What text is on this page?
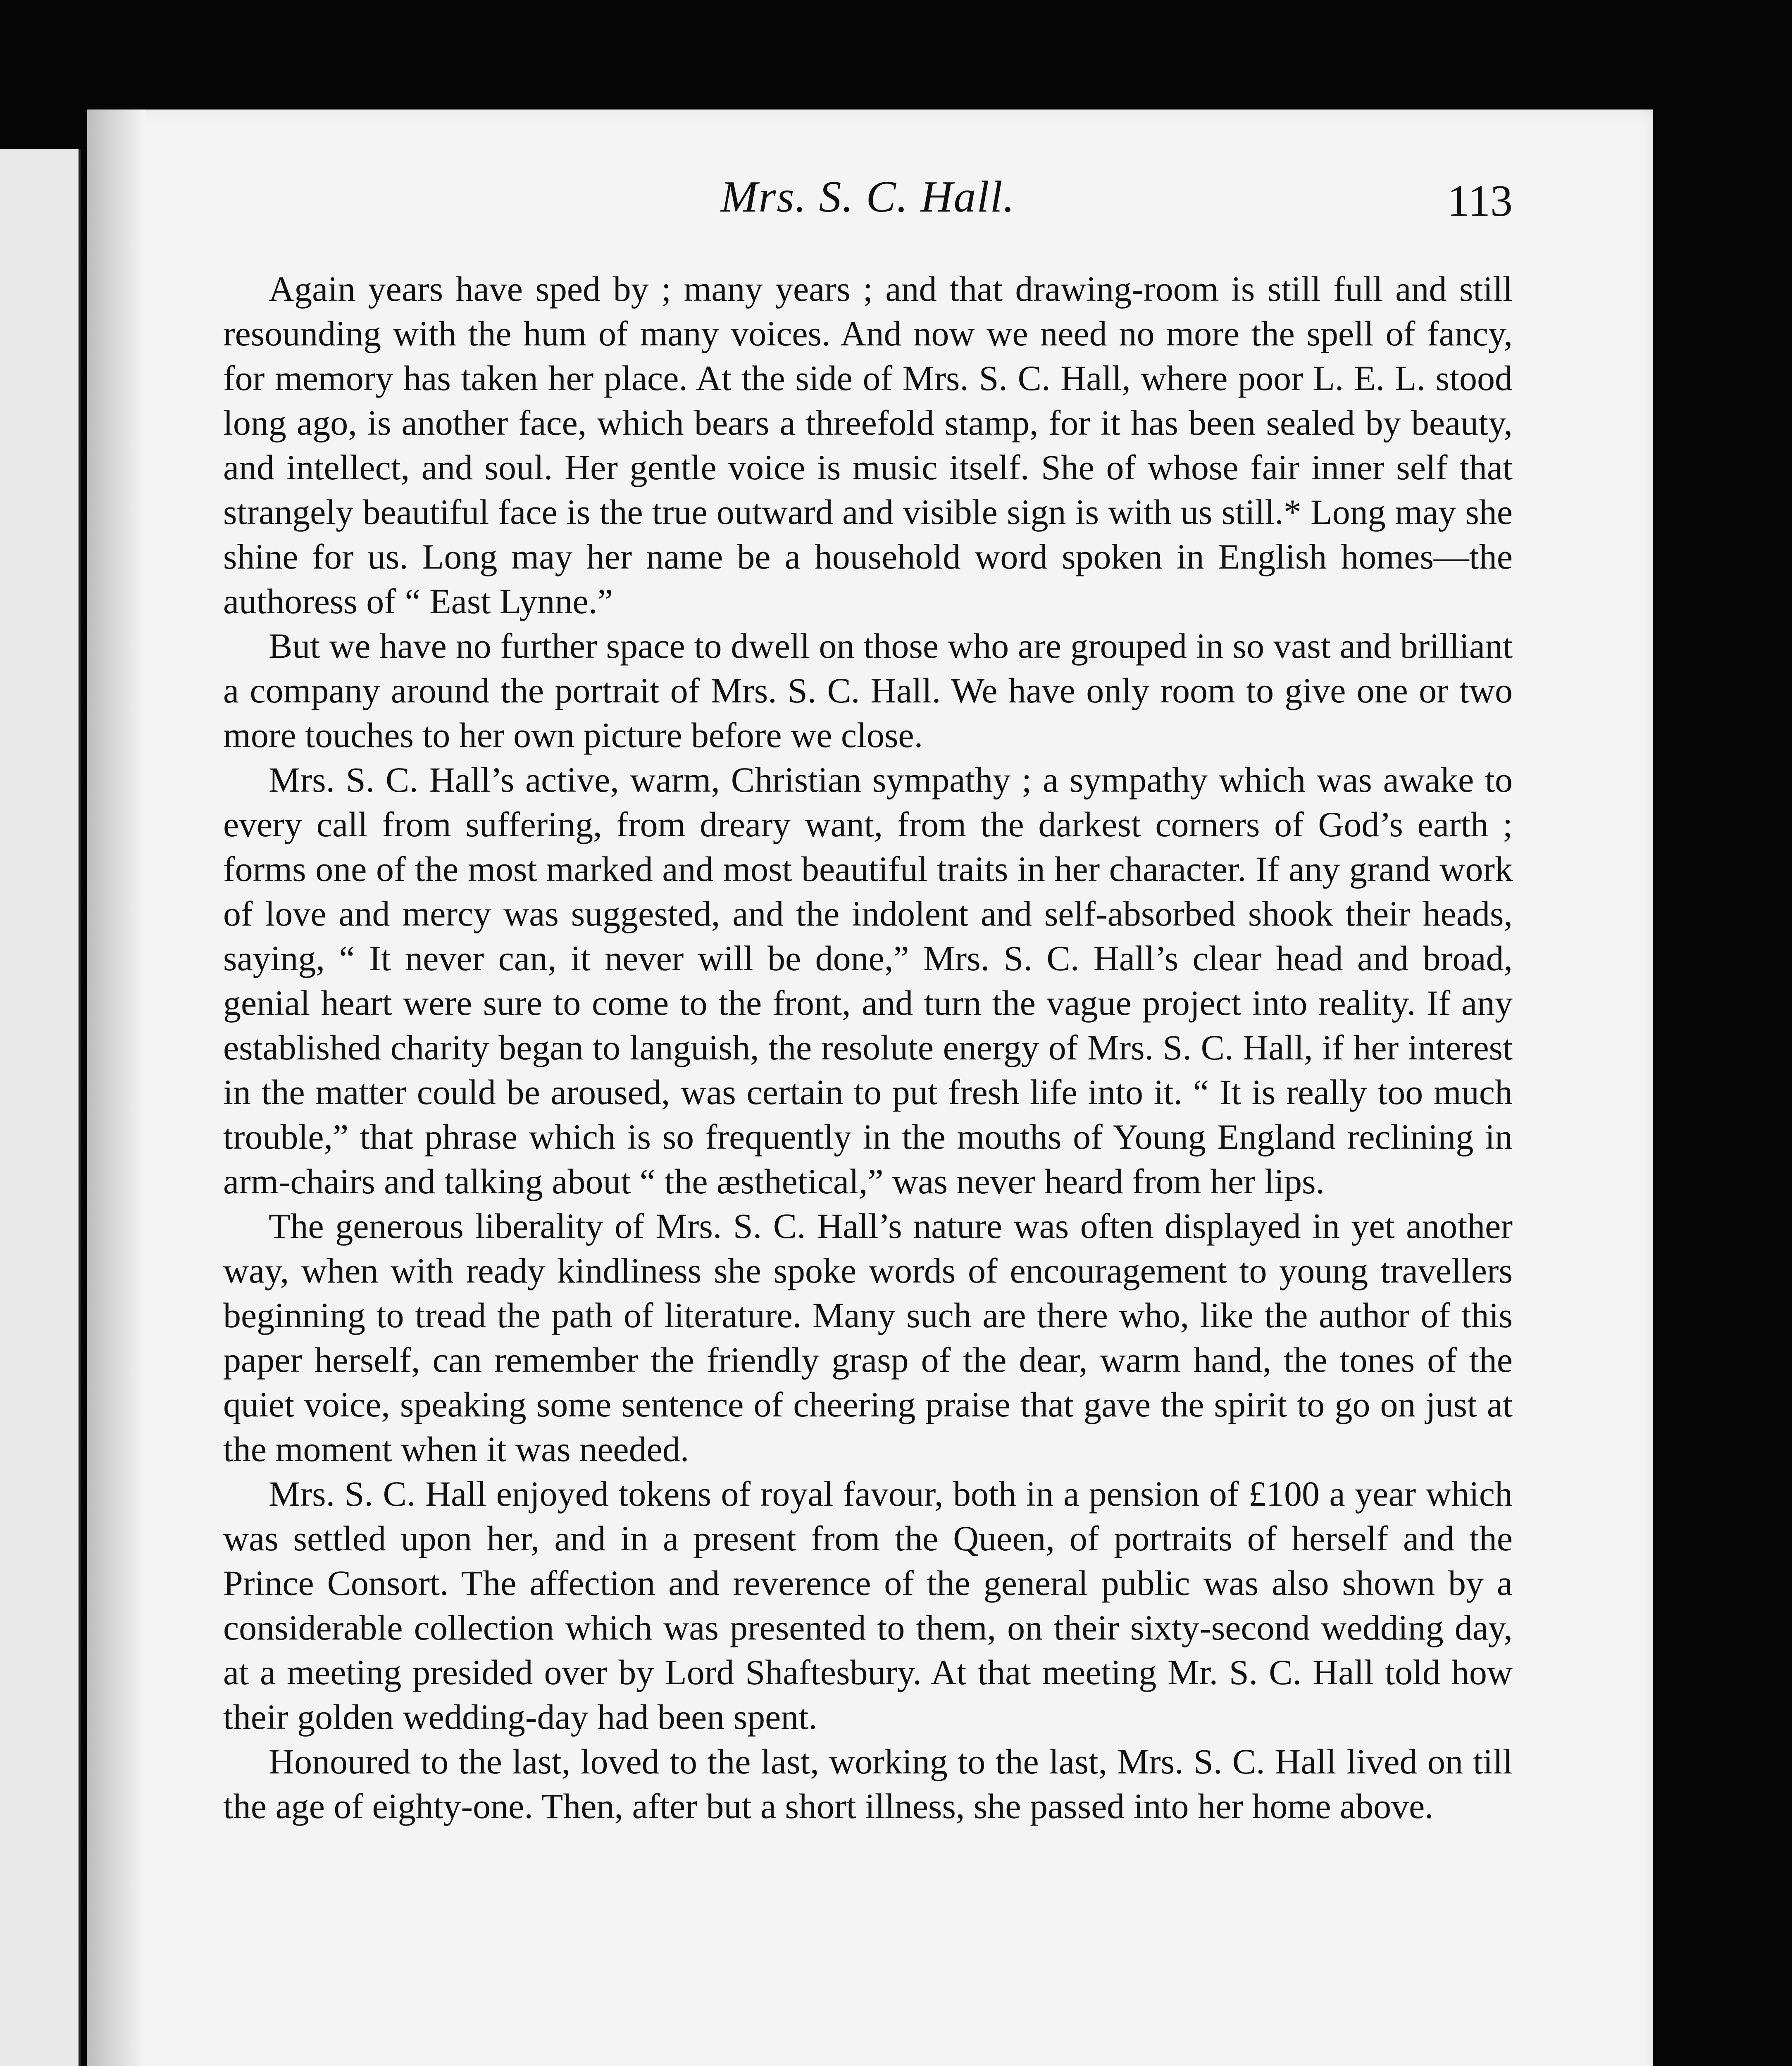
Mrs. S. C. Hall.	113

Again years have sped by ; many years ; and that drawing-room is still full and still resounding with the hum of many voices. And now we need no more the spell of fancy, for memory has taken her place. At the side of Mrs. S. C. Hall, where poor L. E. L. stood long ago, is another face, which bears a threefold stamp, for it has been sealed by beauty, and intellect, and soul. Her gentle voice is music itself. She of whose fair inner self that strangely beautiful face is the true outward and visible sign is with us still.* Long may she shine for us. Long may her name be a household word spoken in English homes—the authoress of “ East Lynne.”

But we have no further space to dwell on those who are grouped in so vast and brilliant a company around the portrait of Mrs. S. C. Hall. We have only room to give one or two more touches to her own picture before we close.

Mrs. S. C. Hall’s active, warm, Christian sympathy ; a sympathy which was awake to every call from suffering, from dreary want, from the darkest corners of God’s earth ; forms one of the most marked and most beautiful traits in her character. If any grand work of love and mercy was suggested, and the indolent and self-absorbed shook their heads, saying, “ It never can, it never will be done,” Mrs. S. C. Hall’s clear head and broad, genial heart were sure to come to the front, and turn the vague project into reality. If any established charity began to languish, the resolute energy of Mrs. S. C. Hall, if her interest in the matter could be aroused, was certain to put fresh life into it. “ It is really too much trouble,” that phrase which is so frequently in the mouths of Young England reclining in arm-chairs and talking about “ the æsthetical,” was never heard from her lips.

The generous liberality of Mrs. S. C. Hall’s nature was often displayed in yet another way, when with ready kindliness she spoke words of encouragement to young travellers beginning to tread the path of literature. Many such are there who, like the author of this paper herself, can remember the friendly grasp of the dear, warm hand, the tones of the quiet voice, speaking some sentence of cheering praise that gave the spirit to go on just at the moment when it was needed.

Mrs. S. C. Hall enjoyed tokens of royal favour, both in a pension of £100 a year which was settled upon her, and in a present from the Queen, of portraits of herself and the Prince Consort. The affection and reverence of the general public was also shown by a considerable collection which was presented to them, on their sixty-second wedding day, at a meeting presided over by Lord Shaftesbury. At that meeting Mr. S. C. Hall told how their golden wedding-day had been spent.

Honoured to the last, loved to the last, working to the last, Mrs. S. C. Hall lived on till the age of eighty-one. Then, after but a short illness, she passed into her home above.
